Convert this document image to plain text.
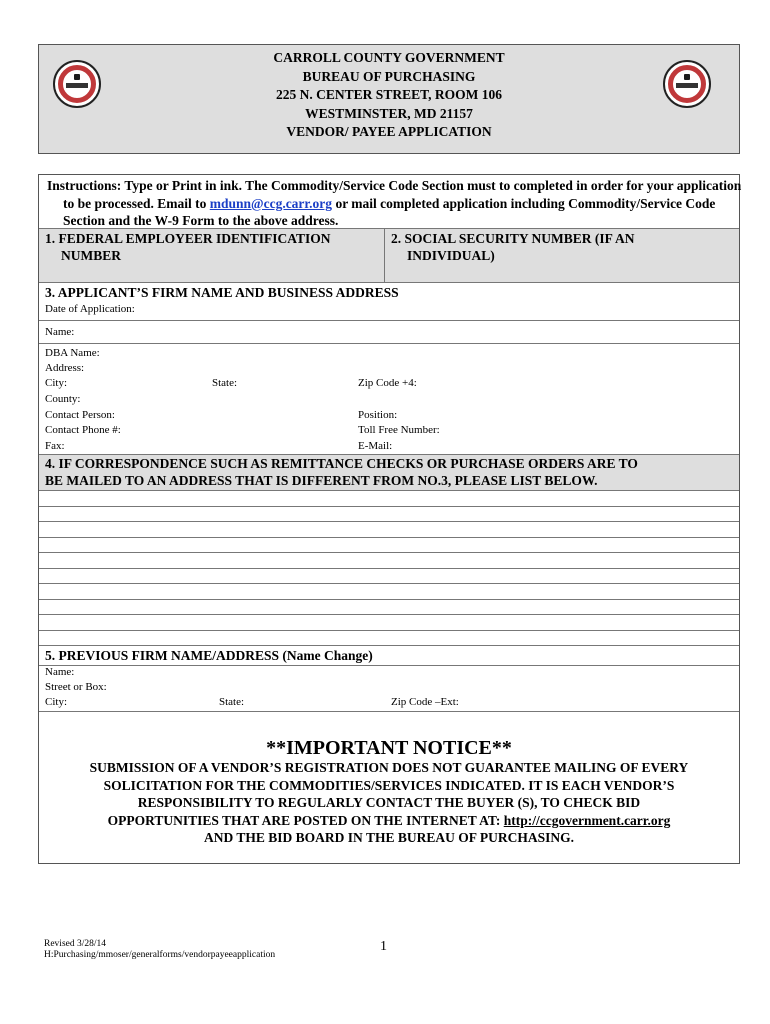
CARROLL COUNTY GOVERNMENT
BUREAU OF PURCHASING
225 N. CENTER STREET, ROOM 106
WESTMINSTER, MD 21157
VENDOR/ PAYEE APPLICATION
Instructions: Type or Print in ink. The Commodity/Service Code Section must to completed in order for your application to be processed. Email to mdunn@ccg.carr.org or mail completed application including Commodity/Service Code Section and the W-9 Form to the above address.
1. FEDERAL EMPLOYEER IDENTIFICATION
NUMBER
2. SOCIAL SECURITY NUMBER (IF AN
INDIVIDUAL)
3. APPLICANT’S FIRM NAME AND BUSINESS ADDRESS
Date of Application:
Name:
DBA Name:
Address:
City:	State:	Zip Code +4:
County:
Contact Person:	Position:
Contact Phone #:	Toll Free Number:
Fax:	E-Mail:
4. IF CORRESPONDENCE SUCH AS REMITTANCE CHECKS OR PURCHASE ORDERS ARE TO
BE MAILED TO AN ADDRESS THAT IS DIFFERENT FROM NO.3, PLEASE LIST BELOW.
5. PREVIOUS FIRM NAME/ADDRESS (Name Change)
Name:
Street or Box:
City:	State:	Zip Code –Ext:
**IMPORTANT NOTICE**
SUBMISSION OF A VENDOR’S REGISTRATION DOES NOT GUARANTEE MAILING OF EVERY
SOLICITATION FOR THE COMMODITIES/SERVICES INDICATED. IT IS EACH VENDOR’S
RESPONSIBILITY TO REGULARLY CONTACT THE BUYER (S), TO CHECK BID
OPPORTUNITIES THAT ARE POSTED ON THE INTERNET AT: http://ccgovernment.carr.org
AND THE BID BOARD IN THE BUREAU OF PURCHASING.
Revised 3/28/14
H:Purchasing/mmoser/generalforms/vendorpayeeapplication
1
